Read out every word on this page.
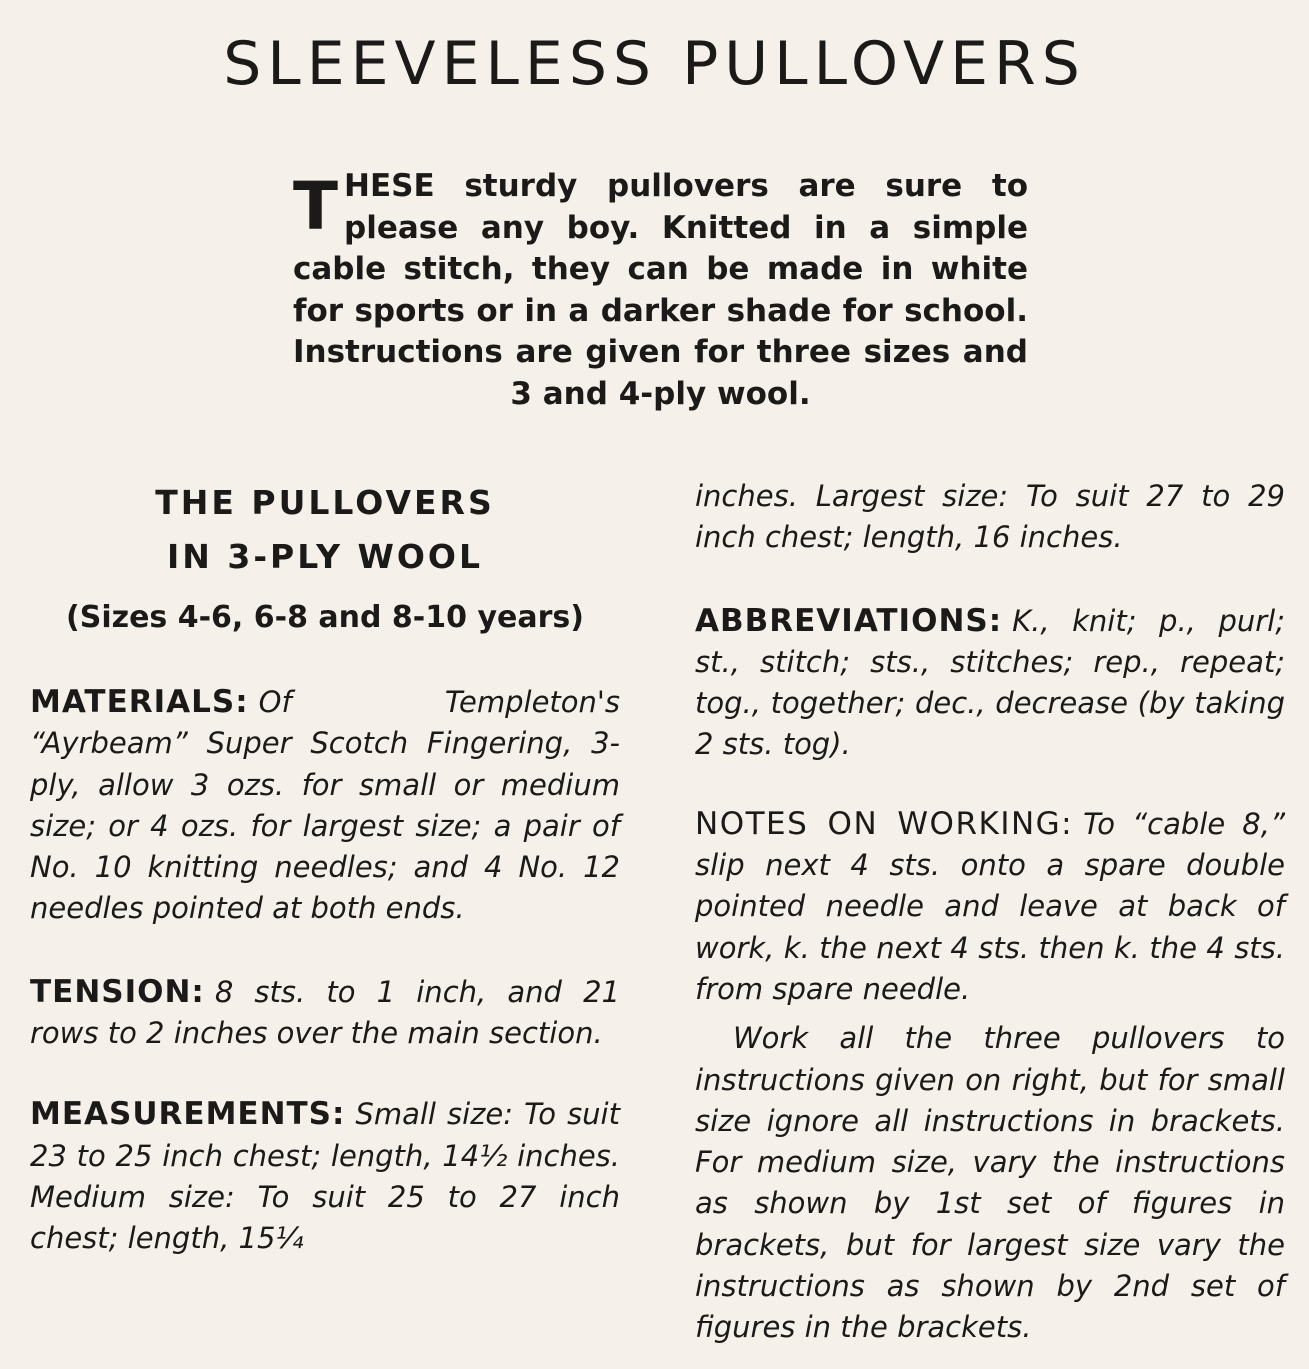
SLEEVELESS PULLOVERS

THESE sturdy pullovers are sure to please any boy. Knitted in a simple cable stitch, they can be made in white for sports or in a darker shade for school. Instructions are given for three sizes and 3 and 4-ply wool.

THE PULLOVERS

IN 3-PLY WOOL

(Sizes 4-6, 6-8 and 8-10 years)

MATERIALS: Of Templeton's “Ayrbeam” Super Scotch Fingering, 3-ply, allow 3 ozs. for small or medium size; or 4 ozs. for largest size; a pair of No. 10 knitting needles; and 4 No. 12 needles pointed at both ends.

TENSION: 8 sts. to 1 inch, and 21 rows to 2 inches over the main section.

MEASUREMENTS: Small size: To suit 23 to 25 inch chest; length, 14½ inches. Medium size: To suit 25 to 27 inch chest; length, 15¼

inches. Largest size: To suit 27 to 29 inch chest; length, 16 inches.

ABBREVIATIONS: K., knit; p., purl; st., stitch; sts., stitches; rep., repeat; tog., together; dec., decrease (by taking 2 sts. tog).

NOTES ON WORKING: To “cable 8,” slip next 4 sts. onto a spare double pointed needle and leave at back of work, k. the next 4 sts. then k. the 4 sts. from spare needle.

Work all the three pullovers to instructions given on right, but for small size ignore all instructions in brackets. For medium size, vary the instructions as shown by 1st set of figures in brackets, but for largest size vary the instructions as shown by 2nd set of figures in the brackets.
